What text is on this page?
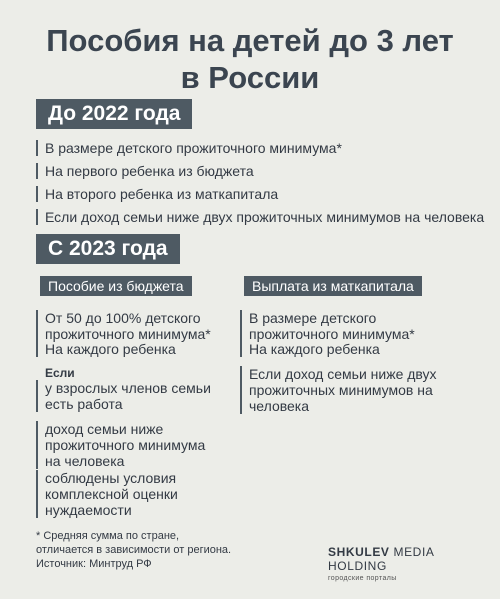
Пособия на детей до 3 лет
в России
До 2022 года
В размере детского прожиточного минимума*
На первого ребенка из бюджета
На второго ребенка из маткапитала
Если доход семьи ниже двух прожиточных минимумов на человека
С 2023 года
Пособие из бюджета
От 50 до 100% детского прожиточного минимума*
На каждого ребенка
Если
у взрослых членов семьи есть работа
доход семьи ниже прожиточного минимума на человека
соблюдены условия комплексной оценки нуждаемости
Выплата из маткапитала
В размере детского прожиточного минимума*
На каждого ребенка
Если доход семьи ниже двух прожиточных минимумов на человека
* Средняя сумма по стране,
отличается в зависимости от региона.
Источник: Минтруд РФ
SHKULEV MEDIA HOLDING
городские порталы
